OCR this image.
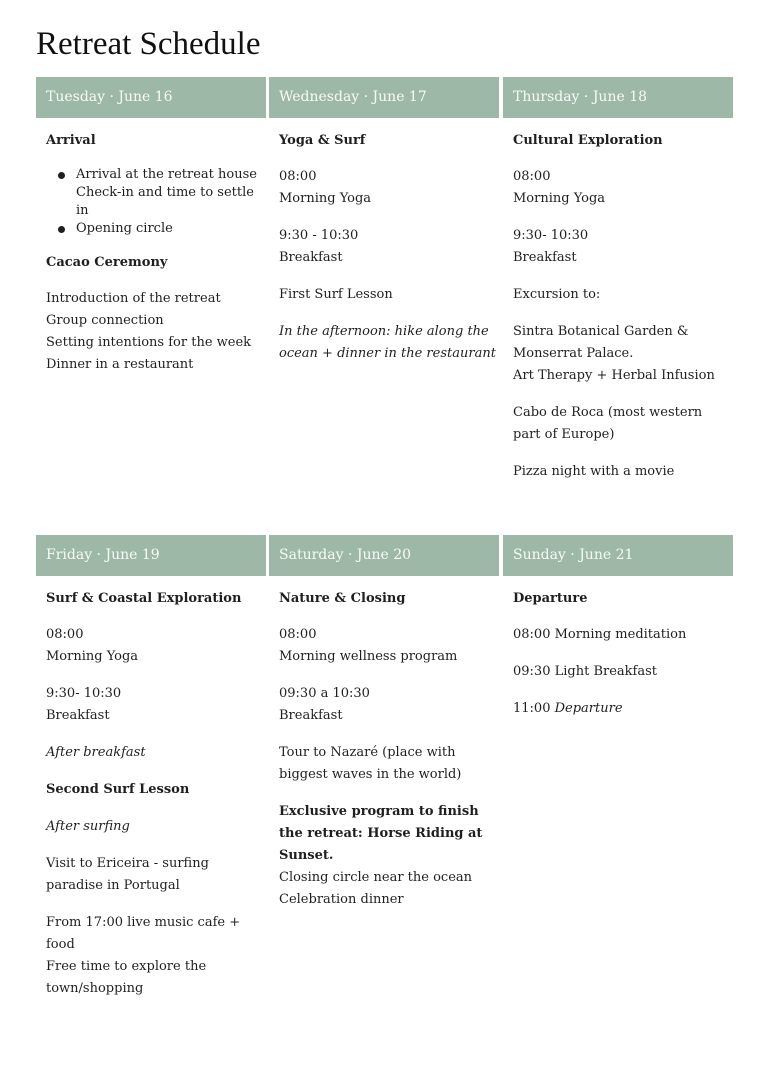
Retreat Schedule
Tuesday · June 16

Arrival

Arrival at the retreat house
Check-in and time to settle in
Opening circle

Cacao Ceremony

Introduction of the retreat

Group connection

Setting intentions for the week

Dinner in a restaurant

Wednesday · June 17

Yoga & Surf

08:00

Morning Yoga

9:30 - 10:30

Breakfast

First Surf Lesson

In the afternoon: hike along the ocean + dinner in the restaurant

Thursday · June 18

Cultural Exploration

08:00

Morning Yoga

9:30- 10:30

Breakfast

Excursion to:

Sintra Botanical Garden & Monserrat Palace.

Art Therapy + Herbal Infusion

Cabo de Roca (most western part of Europe)

Pizza night with a movie

Friday · June 19

Surf & Coastal Exploration

08:00

Morning Yoga

9:30- 10:30

Breakfast

After breakfast

Second Surf Lesson

After surfing

Visit to Ericeira - surfing paradise in Portugal

From 17:00 live music cafe + food

Free time to explore the town/shopping

Saturday · June 20

Nature & Closing

08:00

Morning wellness program

09:30 a 10:30

Breakfast

Tour to Nazaré (place with biggest waves in the world)

Exclusive program to finish the retreat: Horse Riding at Sunset.

Closing circle near the ocean

Celebration dinner

Sunday · June 21

Departure

08:00 Morning meditation

09:30 Light Breakfast

11:00 Departure
